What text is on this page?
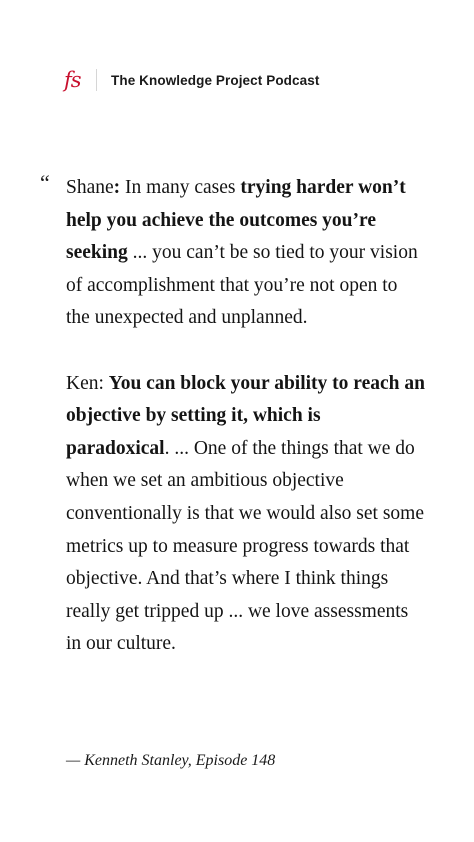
fs	The Knowledge Project Podcast
“ Shane: In many cases trying harder won’t help you achieve the outcomes you’re seeking ... you can’t be so tied to your vision of accomplishment that you’re not open to the unexpected and unplanned.

Ken: You can block your ability to reach an objective by setting it, which is paradoxical. ... One of the things that we do when we set an ambitious objective conventionally is that we would also set some metrics up to measure progress towards that objective. And that’s where I think things really get tripped up ... we love assessments in our culture.

— Kenneth Stanley, Episode 148
